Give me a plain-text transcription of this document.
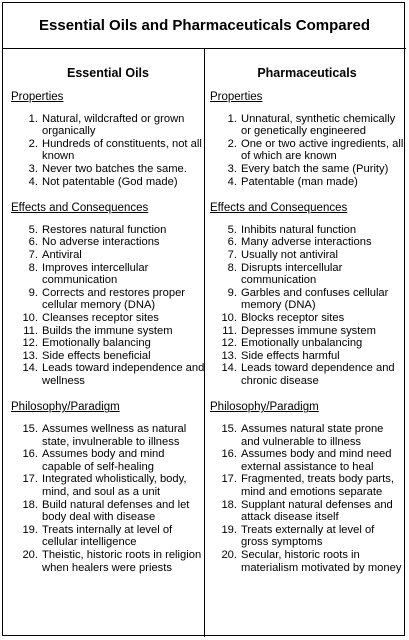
Essential Oils and Pharmaceuticals Compared
Essential Oils
Properties
1. Natural, wildcrafted or grown organically
2. Hundreds of constituents, not all known
3. Never two batches the same.
4. Not patentable (God made)
Effects and Consequences
5. Restores natural function
6. No adverse interactions
7. Antiviral
8. Improves intercellular communication
9. Corrects and restores proper cellular memory (DNA)
10. Cleanses receptor sites
11. Builds the immune system
12. Emotionally balancing
13. Side effects beneficial
14. Leads toward independence and wellness
Philosophy/Paradigm
15. Assumes wellness as natural state, invulnerable to illness
16. Assumes body and mind capable of self-healing
17. Integrated wholistically, body, mind, and soul as a unit
18. Build natural defenses and let body deal with disease
19. Treats internally at level of cellular intelligence
20. Theistic, historic roots in religion when healers were priests
Pharmaceuticals
Properties
1. Unnatural, synthetic chemically or genetically engineered
2. One or two active ingredients, all of which are known
3. Every batch the same (Purity)
4. Patentable (man made)
Effects and Consequences
5. Inhibits natural function
6. Many adverse interactions
7. Usually not antiviral
8. Disrupts intercellular communication
9. Garbles and confuses cellular memory (DNA)
10. Blocks receptor sites
11. Depresses immune system
12. Emotionally unbalancing
13. Side effects harmful
14. Leads toward dependence and chronic disease
Philosophy/Paradigm
15. Assumes natural state prone and vulnerable to illness
16. Assumes body and mind need external assistance to heal
17. Fragmented, treats body parts, mind and emotions separate
18. Supplant natural defenses and attack disease itself
19. Treats externally at level of gross symptoms
20. Secular, historic roots in materialism motivated by money
